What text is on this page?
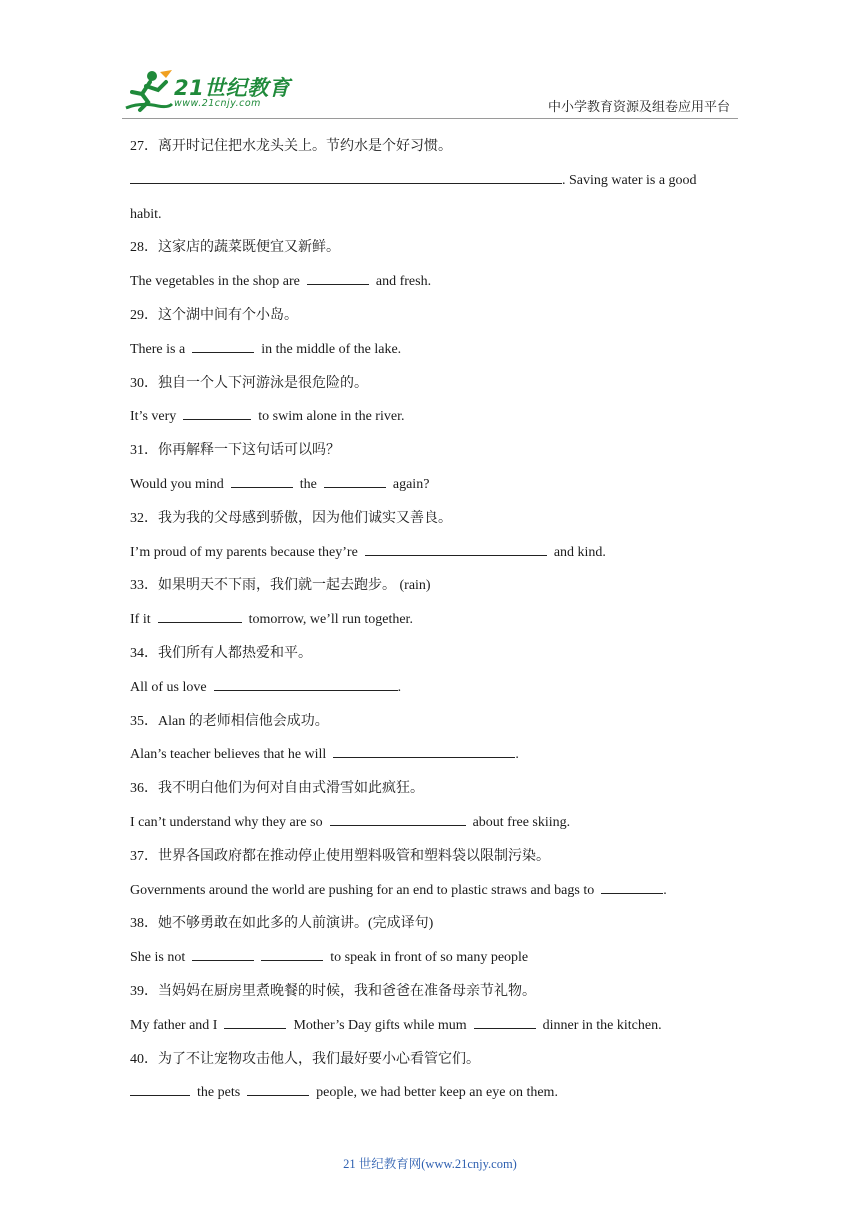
21世纪教育
www.21cnjy.com	中小学教育资源及组卷应用平台
27．离开时记住把水龙头关上。节约水是个好习惯。
. Saving water is a good
habit.
28．这家店的蔬菜既便宜又新鲜。
The vegetables in the shop are	and fresh.
29．这个湖中间有个小岛。
There is a	in the middle of the lake.
30．独自一个人下河游泳是很危险的。
It’s very	to swim alone in the river.
31．你再解释一下这句话可以吗？
Would you mind	the	again?
32．我为我的父母感到骄傲，因为他们诚实又善良。
I’m proud of my parents because they’re	and kind.
33．如果明天不下雨，我们就一起去跑步。 (rain)
If it	tomorrow, we’ll run together.
34．我们所有人都热爱和平。
All of us love	.
35．Alan 的老师相信他会成功。
Alan’s teacher believes that he will	.
36．我不明白他们为何对自由式滑雪如此疯狂。
I can’t understand why they are so	about free skiing.
37．世界各国政府都在推动停止使用塑料吸管和塑料袋以限制污染。
Governments around the world are pushing for an end to plastic straws and bags to	.
38．她不够勇敢在如此多的人前演讲。(完成译句)
She is not	to speak in front of so many people
39．当妈妈在厨房里煮晚餐的时候，我和爸爸在准备母亲节礼物。
My father and I	Mother’s Day gifts while mum	dinner in the kitchen.
40．为了不让宠物攻击他人，我们最好要小心看管它们。
the pets	people, we had better keep an eye on them.
21 世纪教育网(www.21cnjy.com)
